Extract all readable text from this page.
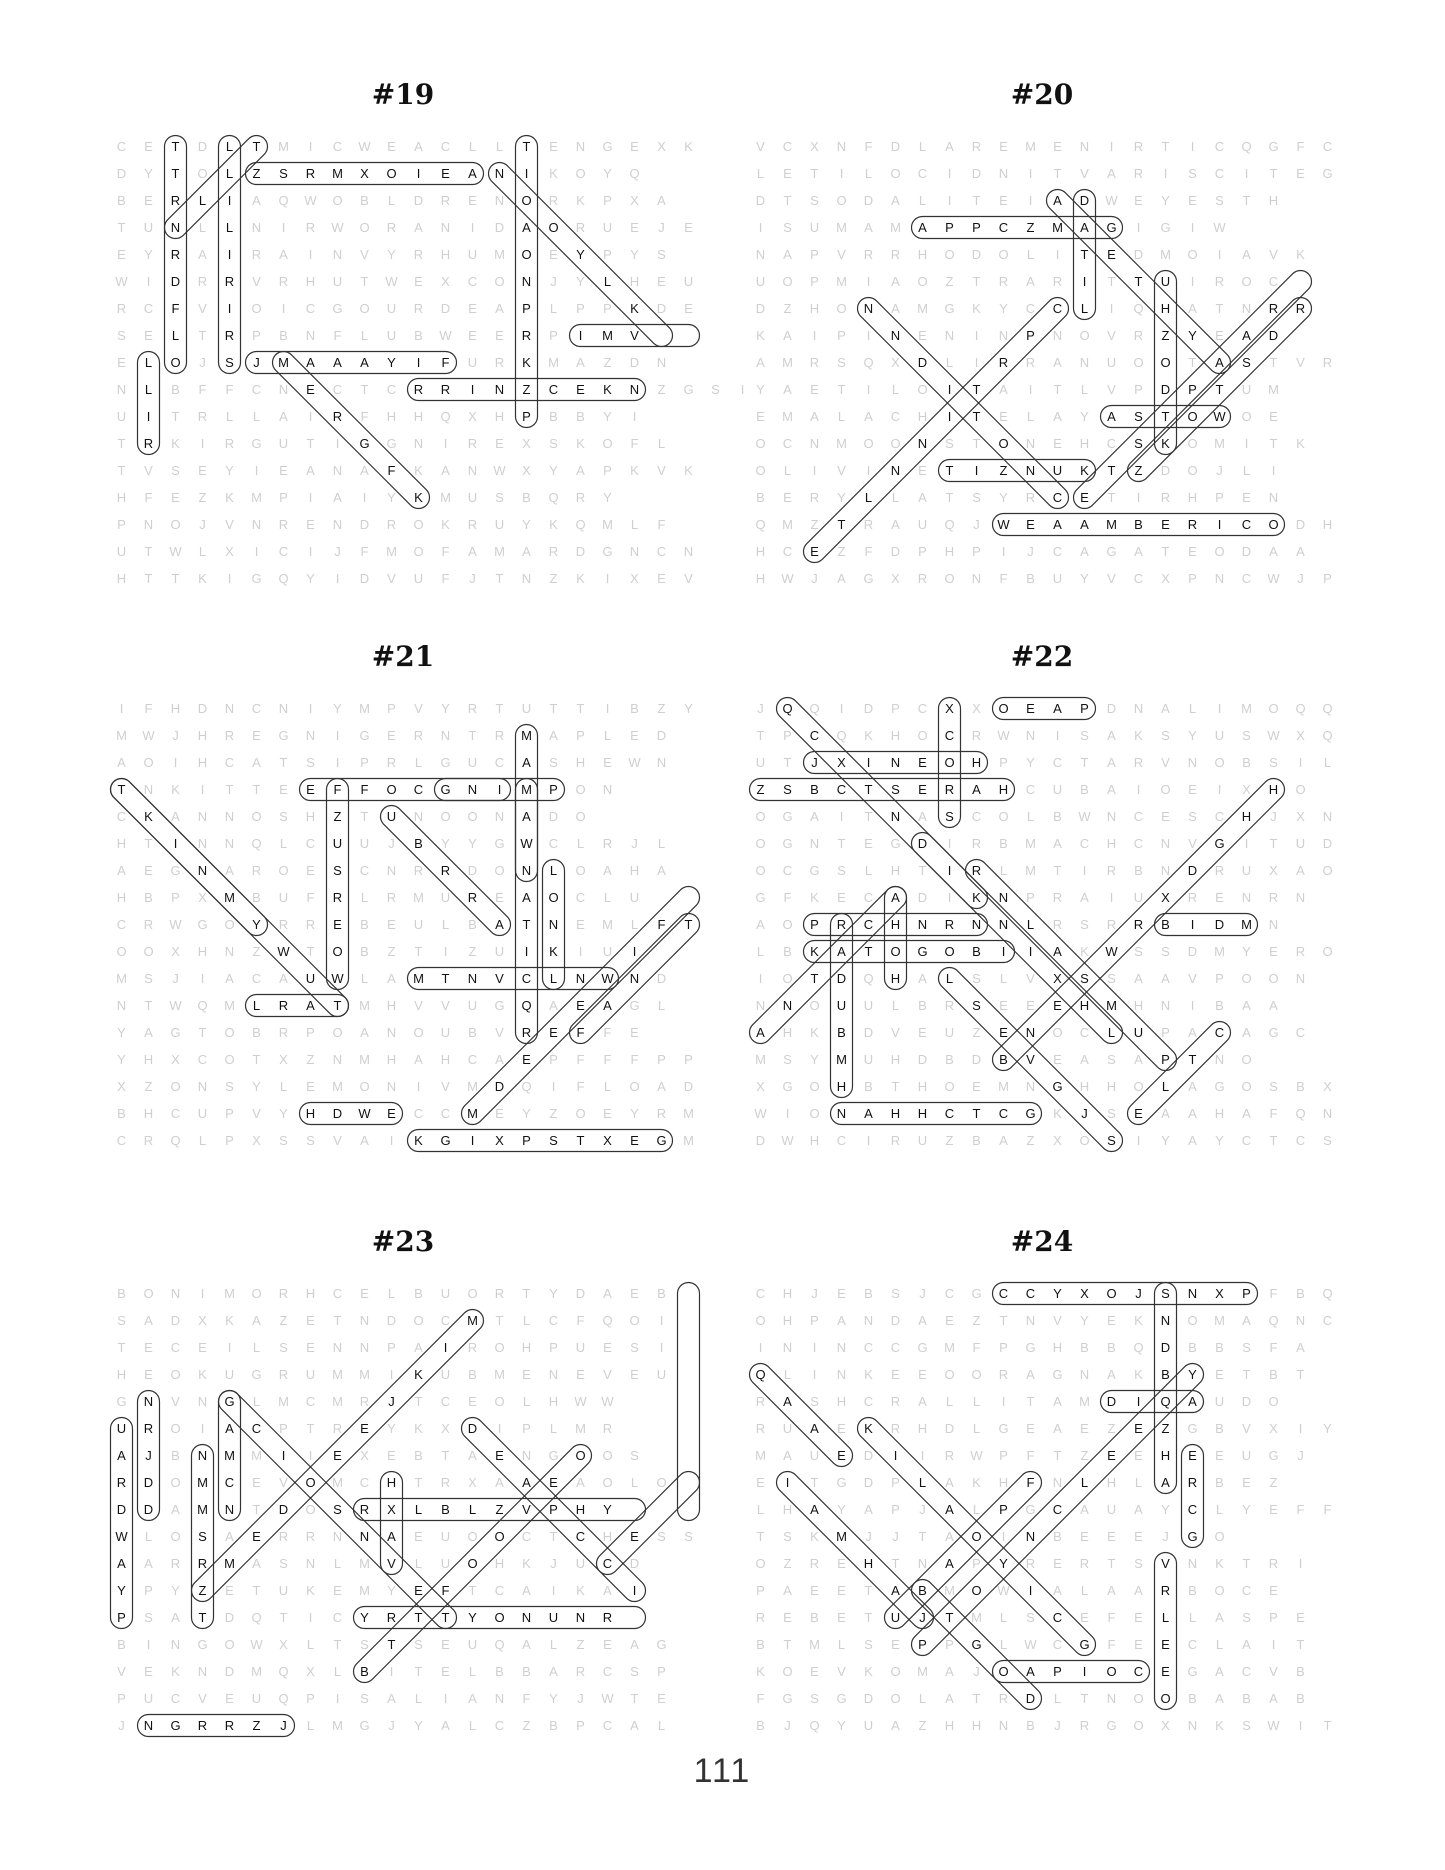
#19
C	E	T	D	L	T	M	I	C	W	E	A	C	L	L	T	E	N	G	E	X	K
D	Y	T	O	L	Z	S	R	M	X	O	I	E	A	N	I	K	O	Y	Q
B	E	R	L	I	A	Q	W	O	B	L	D	R	E	N	O	R	K	P	X	A
T	U	N	L	L	N	I	R	W	O	R	A	N	I	D	A	O	R	U	E	J	E
E	Y	R	A	I	R	A	I	N	V	Y	R	H	U	M	O	E	Y	P	Y	S
W	I	D	R	R	V	R	H	U	T	W	E	X	C	O	N	J	Y	L	H	E	U
R	C	F	V	I	O	I	C	G	O	U	R	D	E	A	P	L	P	P	K	D	E
S	E	L	T	R	P	B	N	F	L	U	B	W	E	E	R	P	I	M	V
E	L	O	J	S	J	M	A	A	A	Y	I	F	U	R	K	M	A	Z	D	N
N	L	B	F	F	C	N	E	C	T	C	R	R	I	N	Z	C	E	K	N	Z	G	S	I
U	I	T	R	L	L	A	I	R	F	H	H	Q	X	H	P	B	B	Y	I
T	R	K	I	R	G	U	T	I	G	G	N	I	R	E	X	S	K	O	F	L
T	V	S	E	Y	I	E	A	N	A	F	K	A	N	W	X	Y	A	P	K	V	K
H	F	E	Z	K	M	P	I	A	I	Y	K	M	U	S	B	Q	R	Y
P	N	O	J	V	N	R	E	N	D	R	O	K	R	U	Y	K	Q	M	L	F
U	T	W	L	X	I	C	I	J	F	M	O	F	A	M	A	R	D	G	N	C	N
H	T	T	K	I	G	Q	Y	I	D	V	U	F	J	T	N	Z	K	I	X	E	V
#20
V	C	X	N	F	D	L	A	R	E	M	E	N	I	R	T	I	C	Q	G	F	C
L	E	T	I	L	O	C	I	D	N	I	T	V	A	R	I	S	C	I	T	E	G
D	T	S	O	D	A	L	I	T	E	I	A	D	W	E	Y	E	S	T	H
I	S	U	M	A	M	A	P	P	C	Z	M	A	G	I	G	I	W
N	A	P	V	R	R	H	O	D	O	L	I	T	E	D	M	O	I	A	V	K
U	O	P	M	I	A	O	Z	T	R	A	R	I	T	T	U	I	R	O	C
D	Z	H	O	N	A	M	G	K	Y	C	C	L	I	Q	H	A	T	N	R	R
K	A	I	P	I	N	E	N	I	N	P	N	O	V	R	Z	Y	E	A	D
A	M	R	S	Q	X	D	L	I	R	R	A	N	U	O	O	T	A	S	T	V	R
Y	A	E	T	I	L	O	I	T	A	I	T	L	V	P	D	P	T	U	M
E	M	A	L	A	C	H	I	T	E	L	A	Y	A	S	T	O	W	O	E
O	C	N	M	O	O	N	S	T	O	N	E	H	C	S	K	O	M	I	T	K
O	L	I	V	I	N	E	T	I	Z	N	U	K	T	Z	D	O	J	L	I
B	E	R	Y	L	L	A	T	S	Y	R	C	E	T	I	R	H	P	E	N
Q	M	Z	T	R	A	U	Q	J	W	E	A	A	M	B	E	R	I	C	O	D	H
H	C	E	Z	F	D	P	H	P	I	J	C	A	G	A	T	E	O	D	A	A
H	W	J	A	G	X	R	O	N	F	B	U	Y	V	C	X	P	N	C	W	J	P
#21
I	F	H	D	N	C	N	I	Y	M	P	V	Y	R	T	U	T	T	I	B	Z	Y
M	W	J	H	R	E	G	N	I	G	E	R	N	T	R	M	A	P	L	E	D
A	O	I	H	C	A	T	S	I	P	R	L	G	U	C	A	S	H	E	W	N
T	N	K	I	T	T	E	E	F	F	O	C	G	N	I	M	P	O	N
C	K	A	N	N	O	S	H	Z	T	U	N	O	O	N	A	D	O
H	T	I	N	N	Q	L	C	U	U	J	B	Y	Y	G	W	C	L	R	J	L
A	E	G	N	A	R	O	E	S	C	N	R	R	D	O	N	L	O	A	H	A
H	B	P	X	M	B	U	F	R	L	R	M	U	R	E	A	O	C	L	U
C	R	W	G	O	Y	R	R	E	B	E	U	L	B	A	T	N	E	M	L	F	T
O	O	X	H	N	Z	W	T	O	B	Z	T	I	Z	U	I	K	I	U	I
M	S	J	I	A	C	A	U	W	L	A	M	T	N	V	C	L	N	W	N	D
N	T	W	Q	M	L	R	A	T	M	H	V	V	U	G	Q	A	E	A	G	L
Y	A	G	T	O	B	R	P	O	A	N	O	U	B	V	R	E	F	F	E
Y	H	X	C	O	T	X	Z	N	M	H	A	H	C	A	E	P	F	F	F	P	P
X	Z	O	N	S	Y	L	E	M	O	N	I	V	M	D	Q	I	F	L	O	A	D
B	H	C	U	P	V	Y	H	D	W	E	C	C	M	E	Y	Z	O	E	Y	R	M
C	R	Q	L	P	X	S	S	V	A	I	K	G	I	X	P	S	T	X	E	G	M
#22
J	Q	Q	I	D	P	C	X	X	O	E	A	P	D	N	A	L	I	M	O	Q	Q
T	P	C	Q	K	H	O	C	R	W	N	I	S	A	K	S	Y	U	S	W	X	Q
U	T	J	X	I	N	E	O	H	P	Y	C	T	A	R	V	N	O	B	S	I	L
Z	S	B	C	T	S	E	R	A	H	C	U	B	A	I	O	E	I	X	H	O
O	G	A	I	T	N	A	S	C	O	L	B	W	N	C	E	S	C	H	J	X	N
O	G	N	T	E	G	D	I	R	B	M	A	C	H	C	N	V	G	I	T	U	D
O	C	G	S	L	H	T	I	R	L	M	T	I	R	B	N	D	R	U	X	A	O
G	F	K	E	C	A	D	I	K	N	P	R	A	I	U	X	R	E	N	R	N
A	O	P	R	C	H	N	R	N	N	L	R	S	R	R	B	I	D	M	N
L	B	K	A	T	O	G	O	B	I	I	A	K	W	S	S	D	M	Y	E	R	O
I	O	T	D	Q	H	A	L	S	L	V	X	S	S	A	A	V	P	O	O	N
N	N	O	U	U	L	B	R	S	E	E	E	H	M	H	N	I	B	A	A
A	H	K	B	D	V	E	U	Z	E	N	O	C	L	U	P	A	C	A	G	C
M	S	Y	M	U	H	D	B	D	B	V	E	A	S	A	P	T	N	O
X	G	O	H	B	T	H	O	E	M	N	G	H	H	O	L	A	G	O	S	B	X
W	I	O	N	A	H	H	C	T	C	G	K	J	S	E	A	A	H	A	F	Q	N
D	W	H	C	I	R	U	Z	B	A	Z	X	O	S	I	Y	A	Y	C	T	C	S
#23
B	O	N	I	M	O	R	H	C	E	L	B	U	O	R	T	Y	D	A	E	B
S	A	D	X	K	A	Z	E	T	N	D	O	C	M	T	L	C	F	Q	O	I
T	E	C	E	I	L	S	E	N	N	P	A	I	R	O	H	P	U	E	S	I
H	E	O	K	U	G	R	U	M	M	I	K	U	B	M	E	N	E	V	E	U
G	N	V	N	G	L	M	C	M	R	J	T	C	E	O	L	H	W	W
U	R	O	I	A	C	P	T	R	E	Y	K	X	D	I	P	L	M	R
A	J	B	N	M	M	I	I	E	X	E	B	T	A	E	N	G	O	O	S
R	D	O	M	C	E	V	O	M	C	H	T	R	X	A	A	E	A	O	L	O
D	D	A	M	N	T	D	O	S	R	X	L	B	L	Z	V	P	H	Y
W	L	O	S	A	E	R	R	N	N	A	E	U	O	O	C	T	C	H	E	S	S
A	A	R	R	M	A	S	N	L	M	V	L	U	O	H	K	J	U	C	D
Y	P	Y	Z	E	T	U	K	E	M	Y	E	F	T	C	A	I	K	A	I
P	S	A	T	D	Q	T	I	C	Y	R	T	T	Y	O	N	U	N	R
B	I	N	G	O	W	X	L	T	S	T	S	E	U	Q	A	L	Z	E	A	G
V	E	K	N	D	M	Q	X	L	B	I	T	E	L	B	B	A	R	C	S	P
P	U	C	V	E	U	Q	P	I	S	A	L	I	A	N	F	Y	J	W	T	E
J	N	G	R	R	Z	J	L	M	G	J	Y	A	L	C	Z	B	P	C	A	L
#24
C	H	J	E	B	S	J	C	G	C	C	Y	X	O	J	S	N	X	P	F	B	Q
O	H	P	A	N	D	A	E	Z	T	N	V	Y	E	K	N	O	M	A	Q	N	C
I	N	I	N	C	C	G	M	F	P	G	H	B	B	Q	D	B	B	S	F	A
Q	L	I	N	K	E	E	O	O	R	A	G	N	A	K	B	Y	E	T	B	T
R	A	S	H	C	R	A	L	L	I	T	A	M	D	I	Q	A	U	D	O
R	U	A	E	K	R	H	D	L	G	E	A	E	Z	E	Z	G	B	V	X	I	Y
M	A	U	E	D	I	I	R	W	P	F	T	Z	E	E	H	E	E	U	G	J
E	I	T	G	D	P	L	A	K	H	F	N	L	H	L	A	R	B	E	Z
L	H	A	Y	A	P	J	A	L	P	G	C	A	U	A	Y	C	L	Y	E	F	F
T	S	K	M	J	J	T	A	O	I	N	B	E	E	E	J	G	O
O	Z	R	E	H	T	N	A	P	Y	R	E	R	T	S	V	N	K	T	R	I
P	A	E	E	T	A	B	M	O	W	I	A	L	A	A	R	B	O	C	E
R	E	B	E	T	U	J	T	M	L	S	C	E	F	E	L	L	A	S	P	E
B	T	M	L	S	E	P	P	G	L	W	C	G	F	E	E	C	L	A	I	T
K	O	E	V	K	O	M	A	J	O	A	P	I	O	C	E	G	A	C	V	B
F	G	S	G	D	O	L	A	T	R	D	L	T	N	O	O	B	A	B	A	B
B	J	Q	Y	U	A	Z	H	H	N	B	J	R	G	O	X	N	K	S	W	I	T
111
